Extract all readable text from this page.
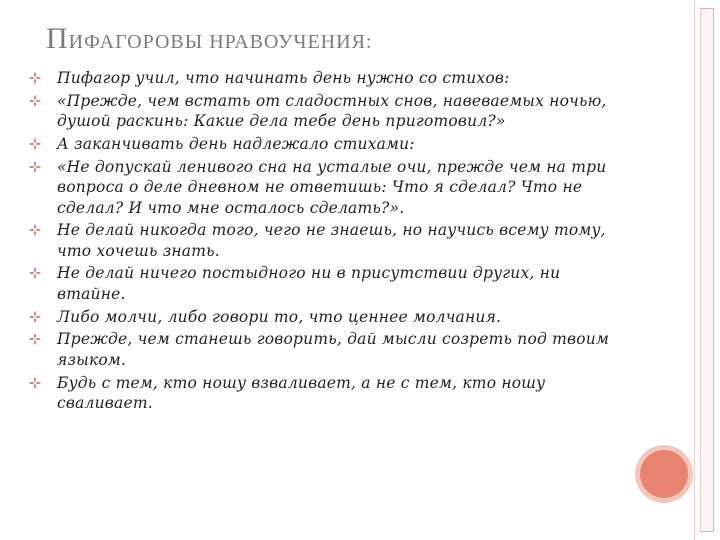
ПИФАГОРОВЫ НРАВОУЧЕНИЯ:
Пифагор учил, что начинать день нужно со стихов:
«Прежде, чем встать от сладостных снов, навеваемых ночью, душой раскинь: Какие дела тебе день приготовил?»
А заканчивать день надлежало стихами:
«Не допускай ленивого сна на усталые очи, прежде чем на три вопроса о деле дневном не ответишь: Что я сделал? Что не сделал? И что мне осталось сделать?».
Не делай никогда того, чего не знаешь, но научись всему тому, что хочешь знать.
Не делай ничего постыдного ни в присутствии других, ни втайне.
Либо молчи, либо говори то, что ценнее молчания.
Прежде, чем станешь говорить, дай мысли созреть под твоим языком.
Будь с тем, кто ношу взваливает, а не с тем, кто ношу сваливает.
